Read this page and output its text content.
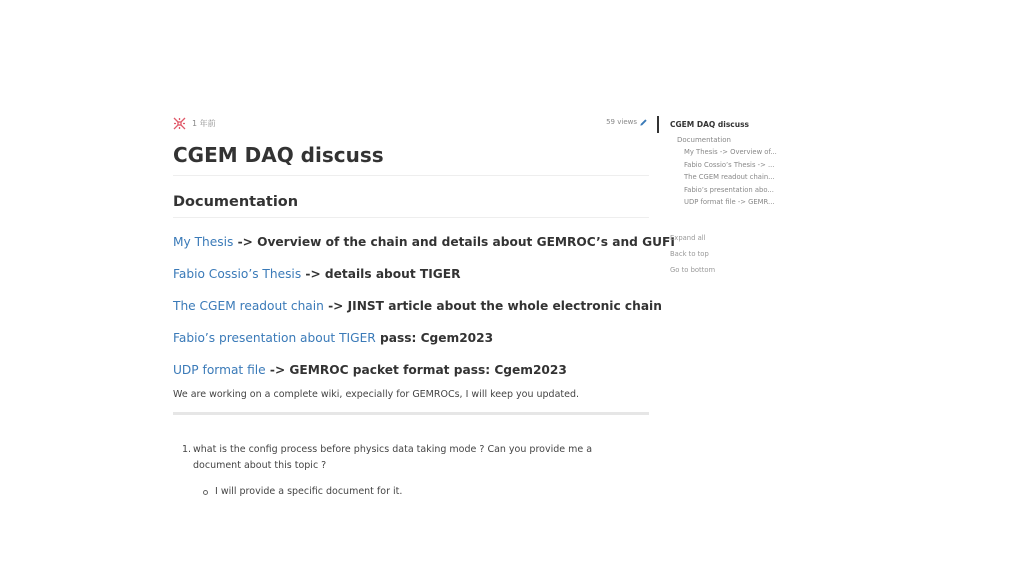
1 年前	59 views
CGEM DAQ discuss
Documentation
My Thesis -> Overview of the chain and details about GEMROC’s and GUFI
Fabio Cossio’s Thesis -> details about TIGER
The CGEM readout chain -> JINST article about the whole electronic chain
Fabio’s presentation about TIGER pass: Cgem2023
UDP format file -> GEMROC packet format pass: Cgem2023

We are working on a complete wiki, expecially for GEMROCs, I will keep you updated.

1. what is the config process before physics data taking mode ? Can you provide me a document about this topic ?
I will provide a specific document for it.
CGEM DAQ discuss
Documentation
My Thesis -> Overview of...
Fabio Cossio’s Thesis -> ...
The CGEM readout chain...
Fabio’s presentation abo...
UDP format file -> GEMR...
Expand all
Back to top
Go to bottom
